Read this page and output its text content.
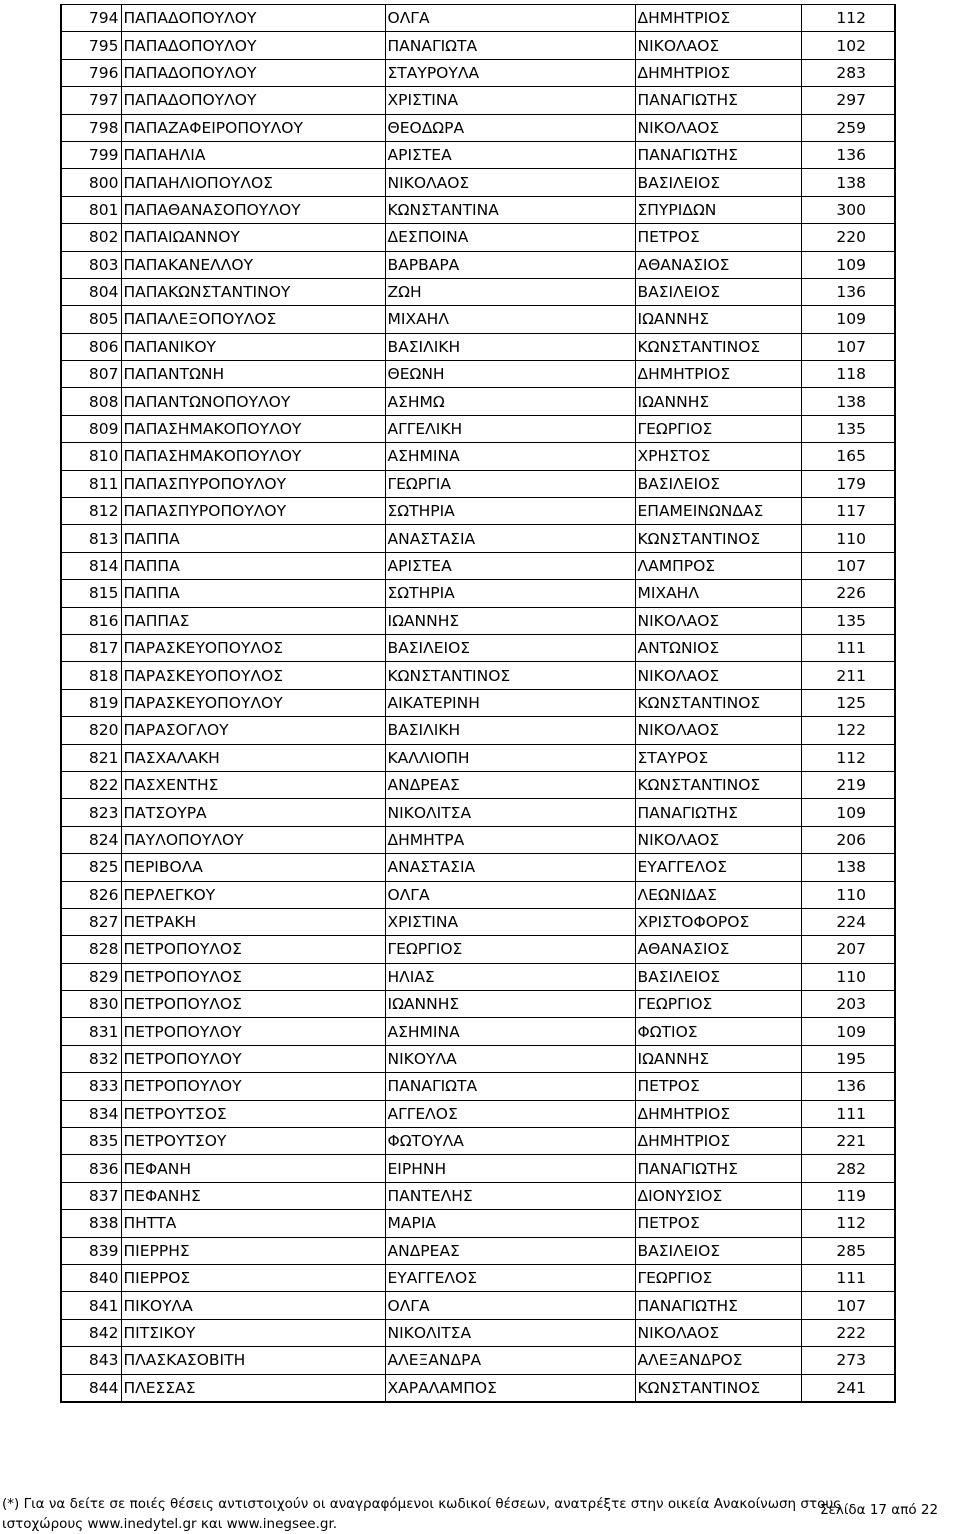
794	ΠΑΠΑΔΟΠΟΥΛΟΥ	ΟΛΓΑ	ΔΗΜΗΤΡΙΟΣ	112
795	ΠΑΠΑΔΟΠΟΥΛΟΥ	ΠΑΝΑΓΙΩΤΑ	ΝΙΚΟΛΑΟΣ	102
796	ΠΑΠΑΔΟΠΟΥΛΟΥ	ΣΤΑΥΡΟΥΛΑ	ΔΗΜΗΤΡΙΟΣ	283
797	ΠΑΠΑΔΟΠΟΥΛΟΥ	ΧΡΙΣΤΙΝΑ	ΠΑΝΑΓΙΩΤΗΣ	297
798	ΠΑΠΑΖΑΦΕΙΡΟΠΟΥΛΟΥ	ΘΕΟΔΩΡΑ	ΝΙΚΟΛΑΟΣ	259
799	ΠΑΠΑΗΛΙΑ	ΑΡΙΣΤΕΑ	ΠΑΝΑΓΙΩΤΗΣ	136
800	ΠΑΠΑΗΛΙΟΠΟΥΛΟΣ	ΝΙΚΟΛΑΟΣ	ΒΑΣΙΛΕΙΟΣ	138
801	ΠΑΠΑΘΑΝΑΣΟΠΟΥΛΟΥ	ΚΩΝΣΤΑΝΤΙΝΑ	ΣΠΥΡΙΔΩΝ	300
802	ΠΑΠΑΙΩΑΝΝΟΥ	ΔΕΣΠΟΙΝΑ	ΠΕΤΡΟΣ	220
803	ΠΑΠΑΚΑΝΕΛΛΟΥ	ΒΑΡΒΑΡΑ	ΑΘΑΝΑΣΙΟΣ	109
804	ΠΑΠΑΚΩΝΣΤΑΝΤΙΝΟΥ	ΖΩΗ	ΒΑΣΙΛΕΙΟΣ	136
805	ΠΑΠΑΛΕΞΟΠΟΥΛΟΣ	ΜΙΧΑΗΛ	ΙΩΑΝΝΗΣ	109
806	ΠΑΠΑΝΙΚΟΥ	ΒΑΣΙΛΙΚΗ	ΚΩΝΣΤΑΝΤΙΝΟΣ	107
807	ΠΑΠΑΝΤΩΝΗ	ΘΕΩΝΗ	ΔΗΜΗΤΡΙΟΣ	118
808	ΠΑΠΑΝΤΩΝΟΠΟΥΛΟΥ	ΑΣΗΜΩ	ΙΩΑΝΝΗΣ	138
809	ΠΑΠΑΣΗΜΑΚΟΠΟΥΛΟΥ	ΑΓΓΕΛΙΚΗ	ΓΕΩΡΓΙΟΣ	135
810	ΠΑΠΑΣΗΜΑΚΟΠΟΥΛΟΥ	ΑΣΗΜΙΝΑ	ΧΡΗΣΤΟΣ	165
811	ΠΑΠΑΣΠΥΡΟΠΟΥΛΟΥ	ΓΕΩΡΓΙΑ	ΒΑΣΙΛΕΙΟΣ	179
812	ΠΑΠΑΣΠΥΡΟΠΟΥΛΟΥ	ΣΩΤΗΡΙΑ	ΕΠΑΜΕΙΝΩΝΔΑΣ	117
813	ΠΑΠΠΑ	ΑΝΑΣΤΑΣΙΑ	ΚΩΝΣΤΑΝΤΙΝΟΣ	110
814	ΠΑΠΠΑ	ΑΡΙΣΤΕΑ	ΛΑΜΠΡΟΣ	107
815	ΠΑΠΠΑ	ΣΩΤΗΡΙΑ	ΜΙΧΑΗΛ	226
816	ΠΑΠΠΑΣ	ΙΩΑΝΝΗΣ	ΝΙΚΟΛΑΟΣ	135
817	ΠΑΡΑΣΚΕΥΟΠΟΥΛΟΣ	ΒΑΣΙΛΕΙΟΣ	ΑΝΤΩΝΙΟΣ	111
818	ΠΑΡΑΣΚΕΥΟΠΟΥΛΟΣ	ΚΩΝΣΤΑΝΤΙΝΟΣ	ΝΙΚΟΛΑΟΣ	211
819	ΠΑΡΑΣΚΕΥΟΠΟΥΛΟΥ	ΑΙΚΑΤΕΡΙΝΗ	ΚΩΝΣΤΑΝΤΙΝΟΣ	125
820	ΠΑΡΑΣΟΓΛΟΥ	ΒΑΣΙΛΙΚΗ	ΝΙΚΟΛΑΟΣ	122
821	ΠΑΣΧΑΛΑΚΗ	ΚΑΛΛΙΟΠΗ	ΣΤΑΥΡΟΣ	112
822	ΠΑΣΧΕΝΤΗΣ	ΑΝΔΡΕΑΣ	ΚΩΝΣΤΑΝΤΙΝΟΣ	219
823	ΠΑΤΣΟΥΡΑ	ΝΙΚΟΛΙΤΣΑ	ΠΑΝΑΓΙΩΤΗΣ	109
824	ΠΑΥΛΟΠΟΥΛΟΥ	ΔΗΜΗΤΡΑ	ΝΙΚΟΛΑΟΣ	206
825	ΠΕΡΙΒΟΛΑ	ΑΝΑΣΤΑΣΙΑ	ΕΥΑΓΓΕΛΟΣ	138
826	ΠΕΡΛΕΓΚΟΥ	ΟΛΓΑ	ΛΕΩΝΙΔΑΣ	110
827	ΠΕΤΡΑΚΗ	ΧΡΙΣΤΙΝΑ	ΧΡΙΣΤΟΦΟΡΟΣ	224
828	ΠΕΤΡΟΠΟΥΛΟΣ	ΓΕΩΡΓΙΟΣ	ΑΘΑΝΑΣΙΟΣ	207
829	ΠΕΤΡΟΠΟΥΛΟΣ	ΗΛΙΑΣ	ΒΑΣΙΛΕΙΟΣ	110
830	ΠΕΤΡΟΠΟΥΛΟΣ	ΙΩΑΝΝΗΣ	ΓΕΩΡΓΙΟΣ	203
831	ΠΕΤΡΟΠΟΥΛΟΥ	ΑΣΗΜΙΝΑ	ΦΩΤΙΟΣ	109
832	ΠΕΤΡΟΠΟΥΛΟΥ	ΝΙΚΟΥΛΑ	ΙΩΑΝΝΗΣ	195
833	ΠΕΤΡΟΠΟΥΛΟΥ	ΠΑΝΑΓΙΩΤΑ	ΠΕΤΡΟΣ	136
834	ΠΕΤΡΟΥΤΣΟΣ	ΑΓΓΕΛΟΣ	ΔΗΜΗΤΡΙΟΣ	111
835	ΠΕΤΡΟΥΤΣΟΥ	ΦΩΤΟΥΛΑ	ΔΗΜΗΤΡΙΟΣ	221
836	ΠΕΦΑΝΗ	ΕΙΡΗΝΗ	ΠΑΝΑΓΙΩΤΗΣ	282
837	ΠΕΦΑΝΗΣ	ΠΑΝΤΕΛΗΣ	ΔΙΟΝΥΣΙΟΣ	119
838	ΠΗΤΤΑ	ΜΑΡΙΑ	ΠΕΤΡΟΣ	112
839	ΠΙΕΡΡΗΣ	ΑΝΔΡΕΑΣ	ΒΑΣΙΛΕΙΟΣ	285
840	ΠΙΕΡΡΟΣ	ΕΥΑΓΓΕΛΟΣ	ΓΕΩΡΓΙΟΣ	111
841	ΠΙΚΟΥΛΑ	ΟΛΓΑ	ΠΑΝΑΓΙΩΤΗΣ	107
842	ΠΙΤΣΙΚΟΥ	ΝΙΚΟΛΙΤΣΑ	ΝΙΚΟΛΑΟΣ	222
843	ΠΛΑΣΚΑΣΟΒΙΤΗ	ΑΛΕΞΑΝΔΡΑ	ΑΛΕΞΑΝΔΡΟΣ	273
844	ΠΛΕΣΣΑΣ	ΧΑΡΑΛΑΜΠΟΣ	ΚΩΝΣΤΑΝΤΙΝΟΣ	241
(*) Για να δείτε σε ποιές θέσεις αντιστοιχούν οι αναγραφόμενοι κωδικοί θέσεων, ανατρέξτε στην οικεία Ανακοίνωση στους ιστοχώρους www.inedytel.gr και www.inegsee.gr.
Σελίδα 17 από 22
